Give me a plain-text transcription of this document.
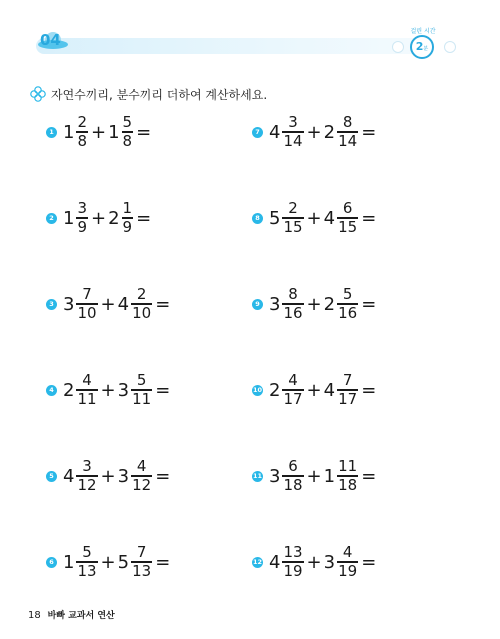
04	걸린 시간
2분
자연수끼리, 분수끼리 더하여 계산하세요.
1 $1 \frac{2}{8} + 1 \frac{5}{8}$ =
2 $1 \frac{3}{9} + 2 \frac{1}{9}$ =
3 $3 \frac{7}{10} + 4 \frac{2}{10}$ =
4 $2 \frac{4}{11} + 3 \frac{5}{11}$ =
5 $4 \frac{3}{12} + 3 \frac{4}{12}$ =
6 $1 \frac{5}{13} + 5 \frac{7}{13}$ =
7 $4 \frac{3}{14} + 2 \frac{8}{14}$ =
8 $5 \frac{2}{15} + 4 \frac{6}{15}$ =
9 $3 \frac{8}{16} + 2 \frac{5}{16}$ =
10 $2 \frac{4}{17} + 4 \frac{7}{17}$ =
11 $3 \frac{6}{18} + 1 \frac{11}{18}$ =
12 $4 \frac{13}{19} + 3 \frac{4}{19}$ =
18 바빠 교과서 연산
